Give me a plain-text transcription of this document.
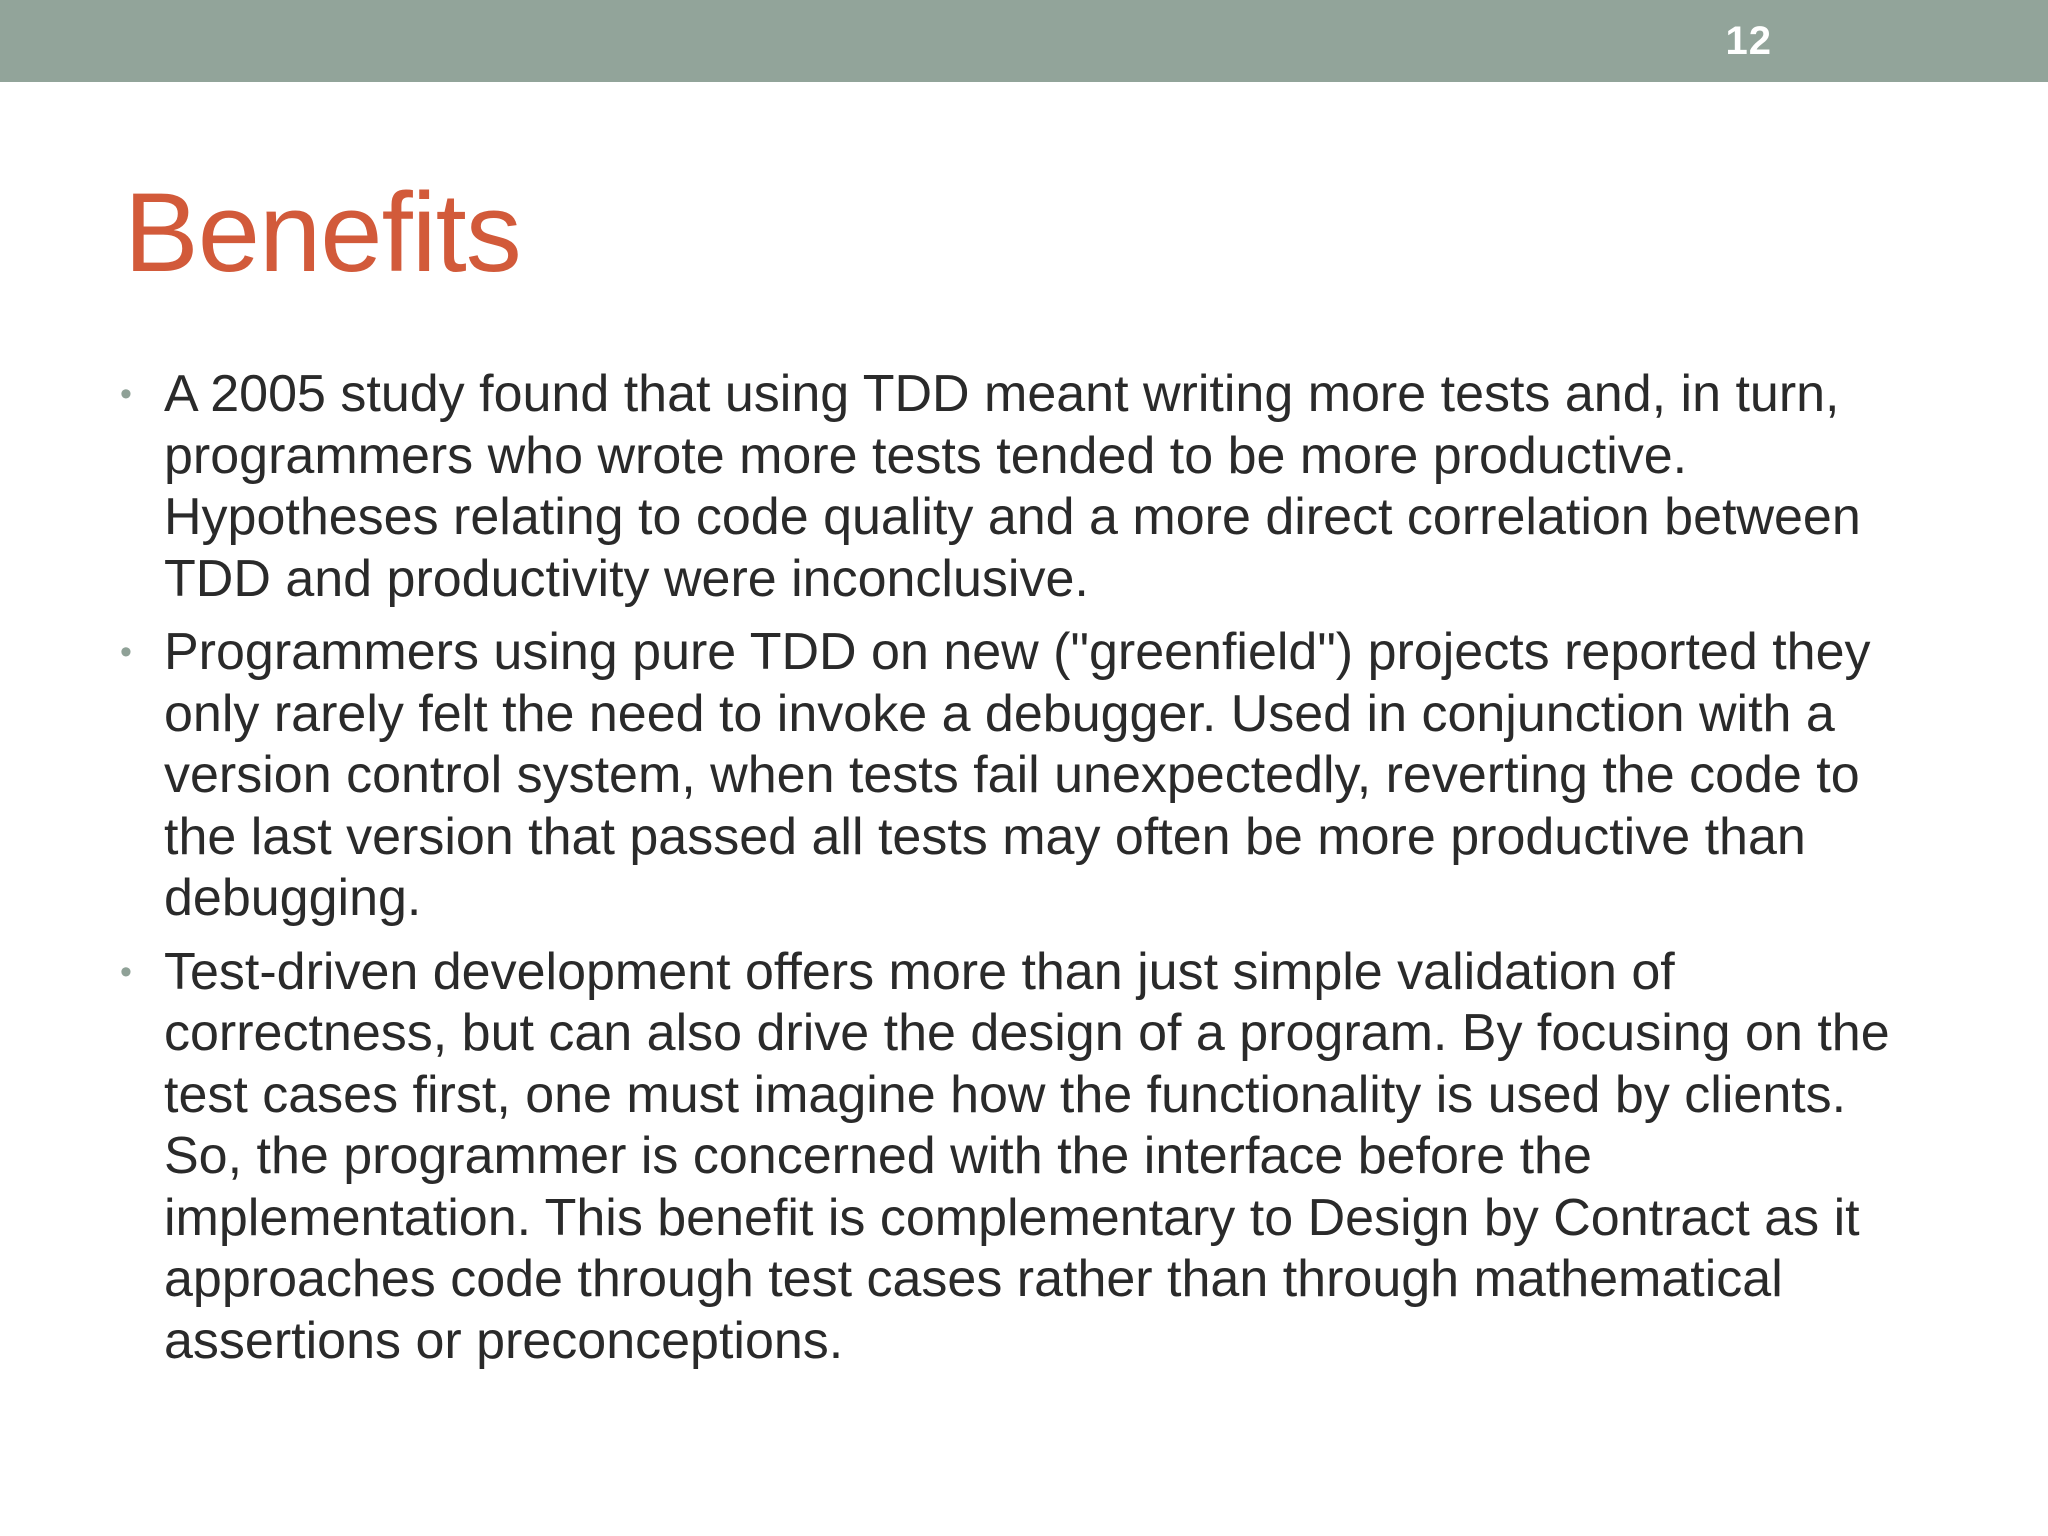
12
Benefits
• A 2005 study found that using TDD meant writing more tests and, in turn, programmers who wrote more tests tended to be more productive. Hypotheses relating to code quality and a more direct correlation between TDD and productivity were inconclusive.
• Programmers using pure TDD on new ("greenfield") projects reported they only rarely felt the need to invoke a debugger. Used in conjunction with a version control system, when tests fail unexpectedly, reverting the code to the last version that passed all tests may often be more productive than debugging.
• Test-driven development offers more than just simple validation of correctness, but can also drive the design of a program. By focusing on the test cases first, one must imagine how the functionality is used by clients. So, the programmer is concerned with the interface before the implementation. This benefit is complementary to Design by Contract as it approaches code through test cases rather than through mathematical assertions or preconceptions.
